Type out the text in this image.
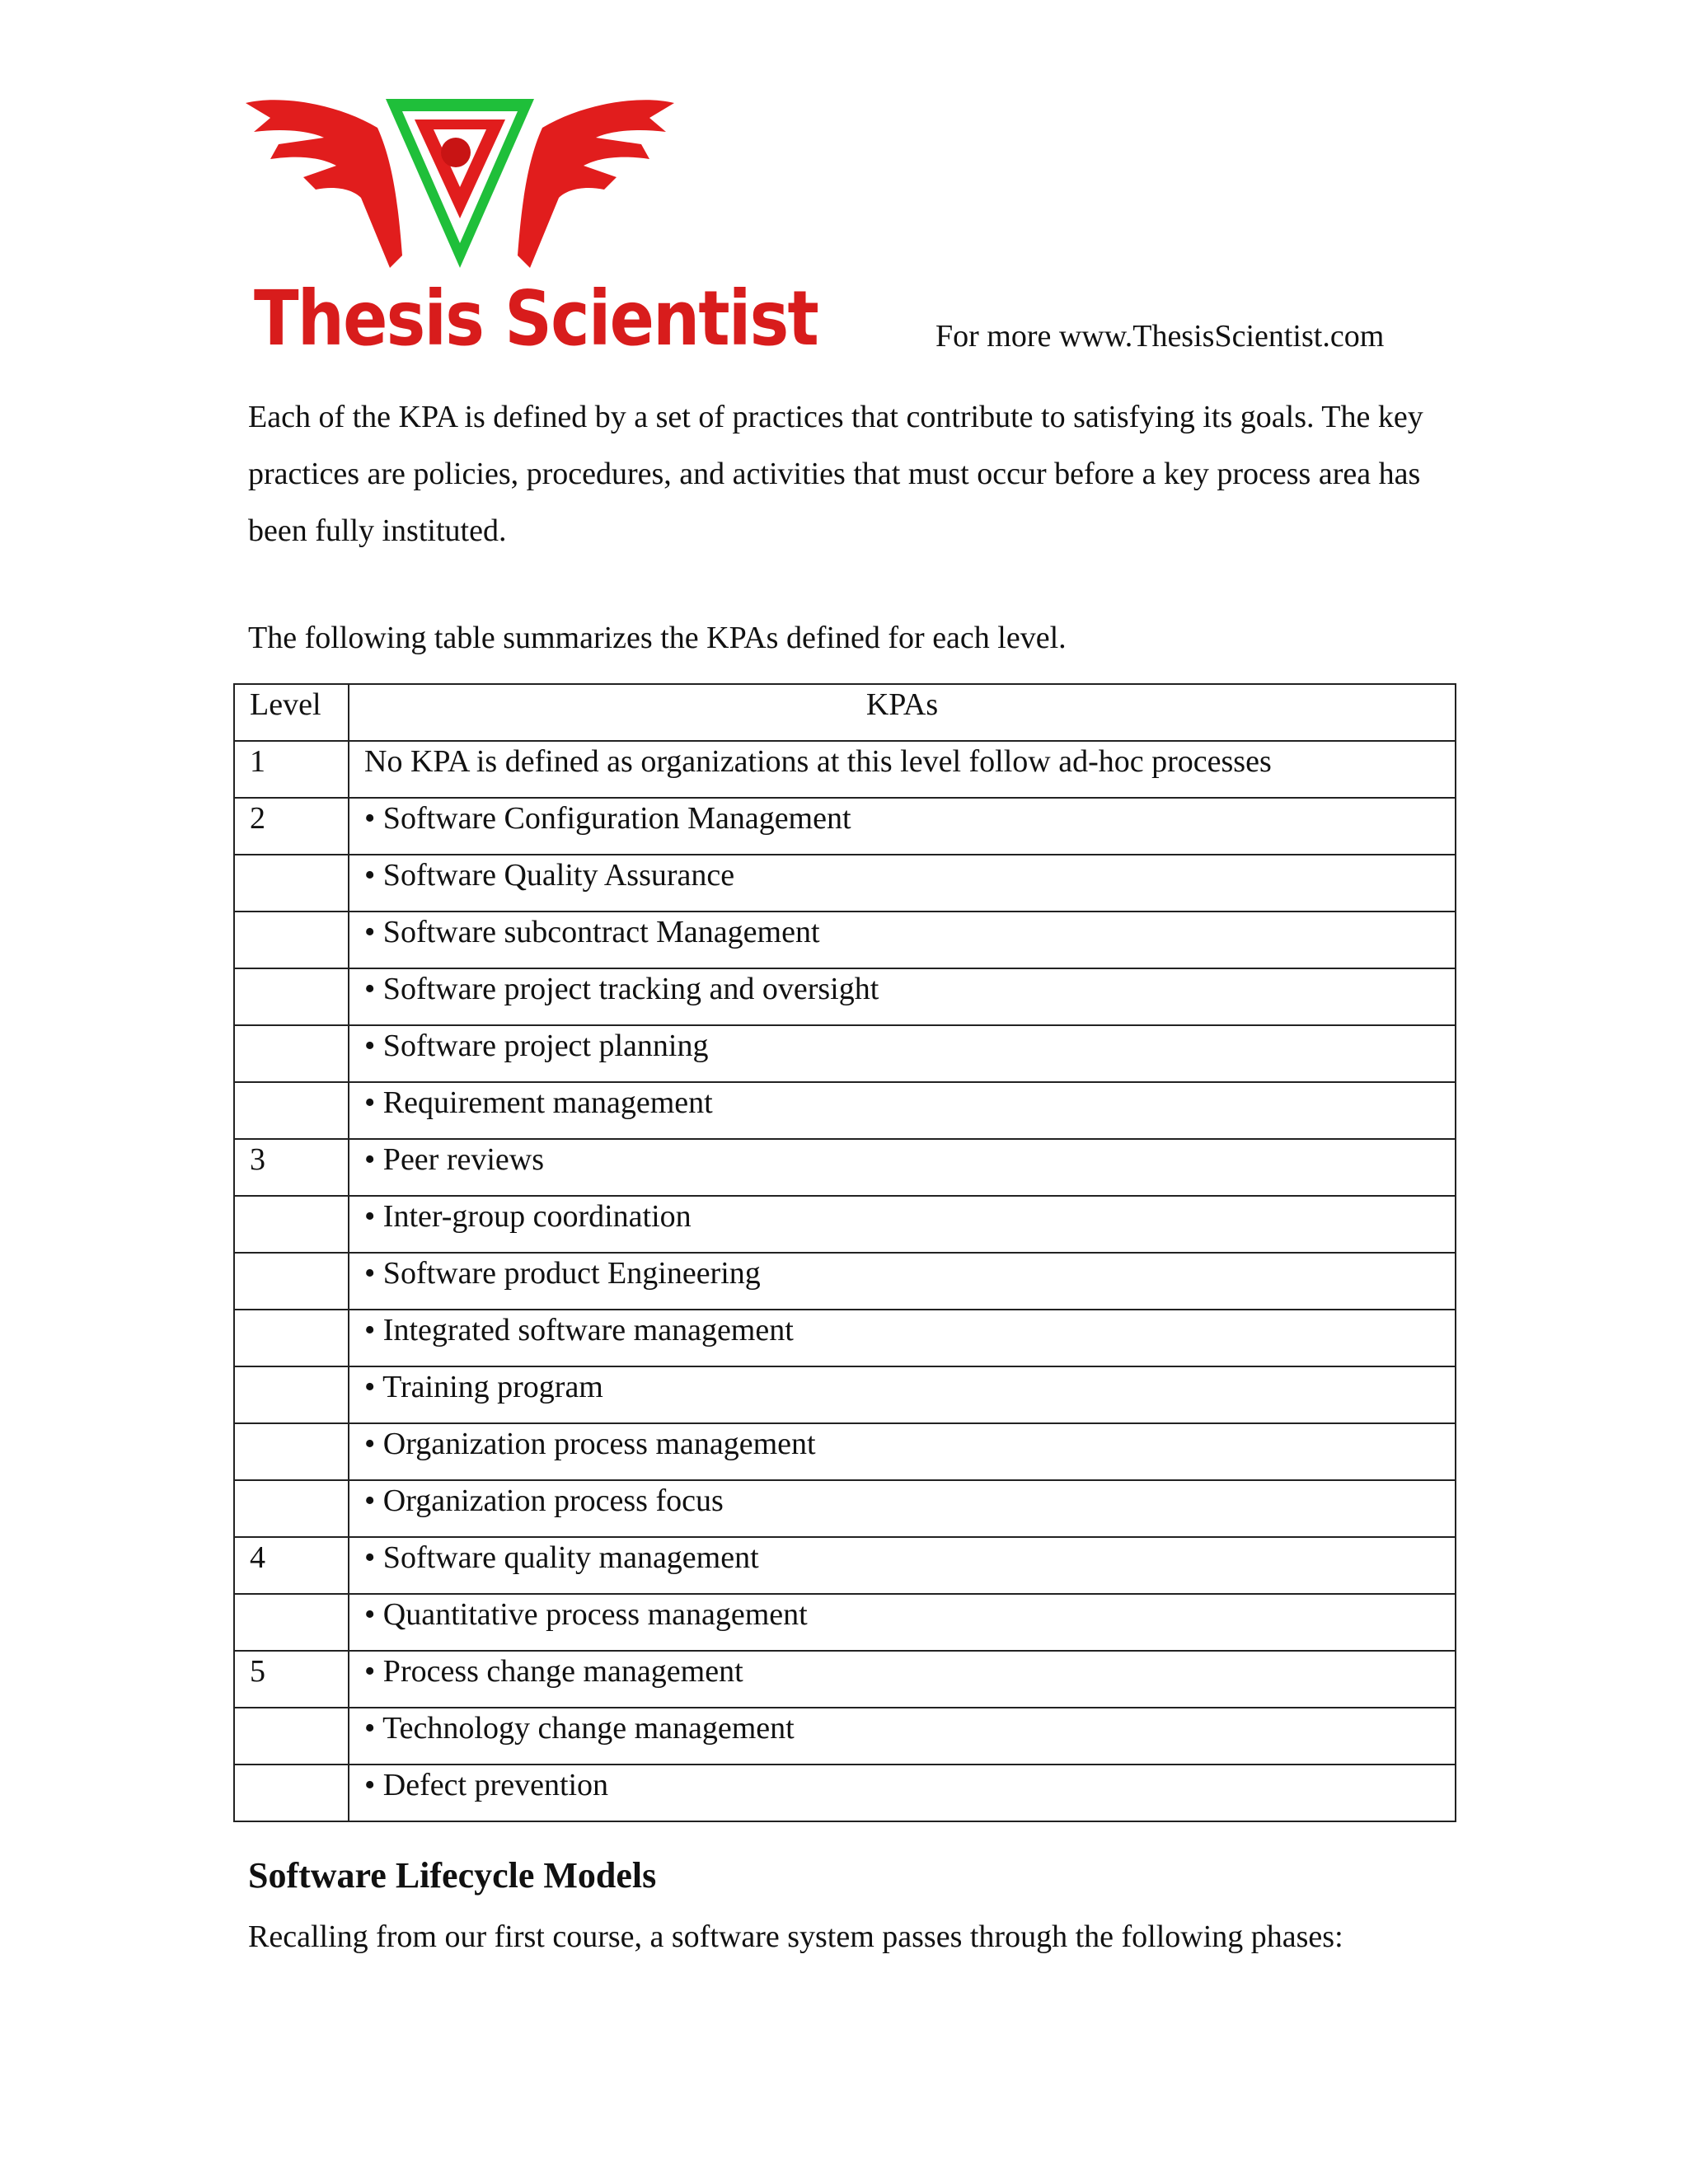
Thesis Scientist	For more www.ThesisScientist.com

Each of the KPA is defined by a set of practices that contribute to satisfying its goals. The key practices are policies, procedures, and activities that must occur before a key process area has been fully instituted.

The following table summarizes the KPAs defined for each level.
Level	KPAs
1	No KPA is defined as organizations at this level follow ad-hoc processes
2	• Software Configuration Management
	• Software Quality Assurance
	• Software subcontract Management
	• Software project tracking and oversight
	• Software project planning
	• Requirement management
3	• Peer reviews
	• Inter-group coordination
	• Software product Engineering
	• Integrated software management
	• Training program
	• Organization process management
	• Organization process focus
4	• Software quality management
	• Quantitative process management
5	• Process change management
	• Technology change management
	• Defect prevention
Software Lifecycle Models
Recalling from our first course, a software system passes through the following phases:
